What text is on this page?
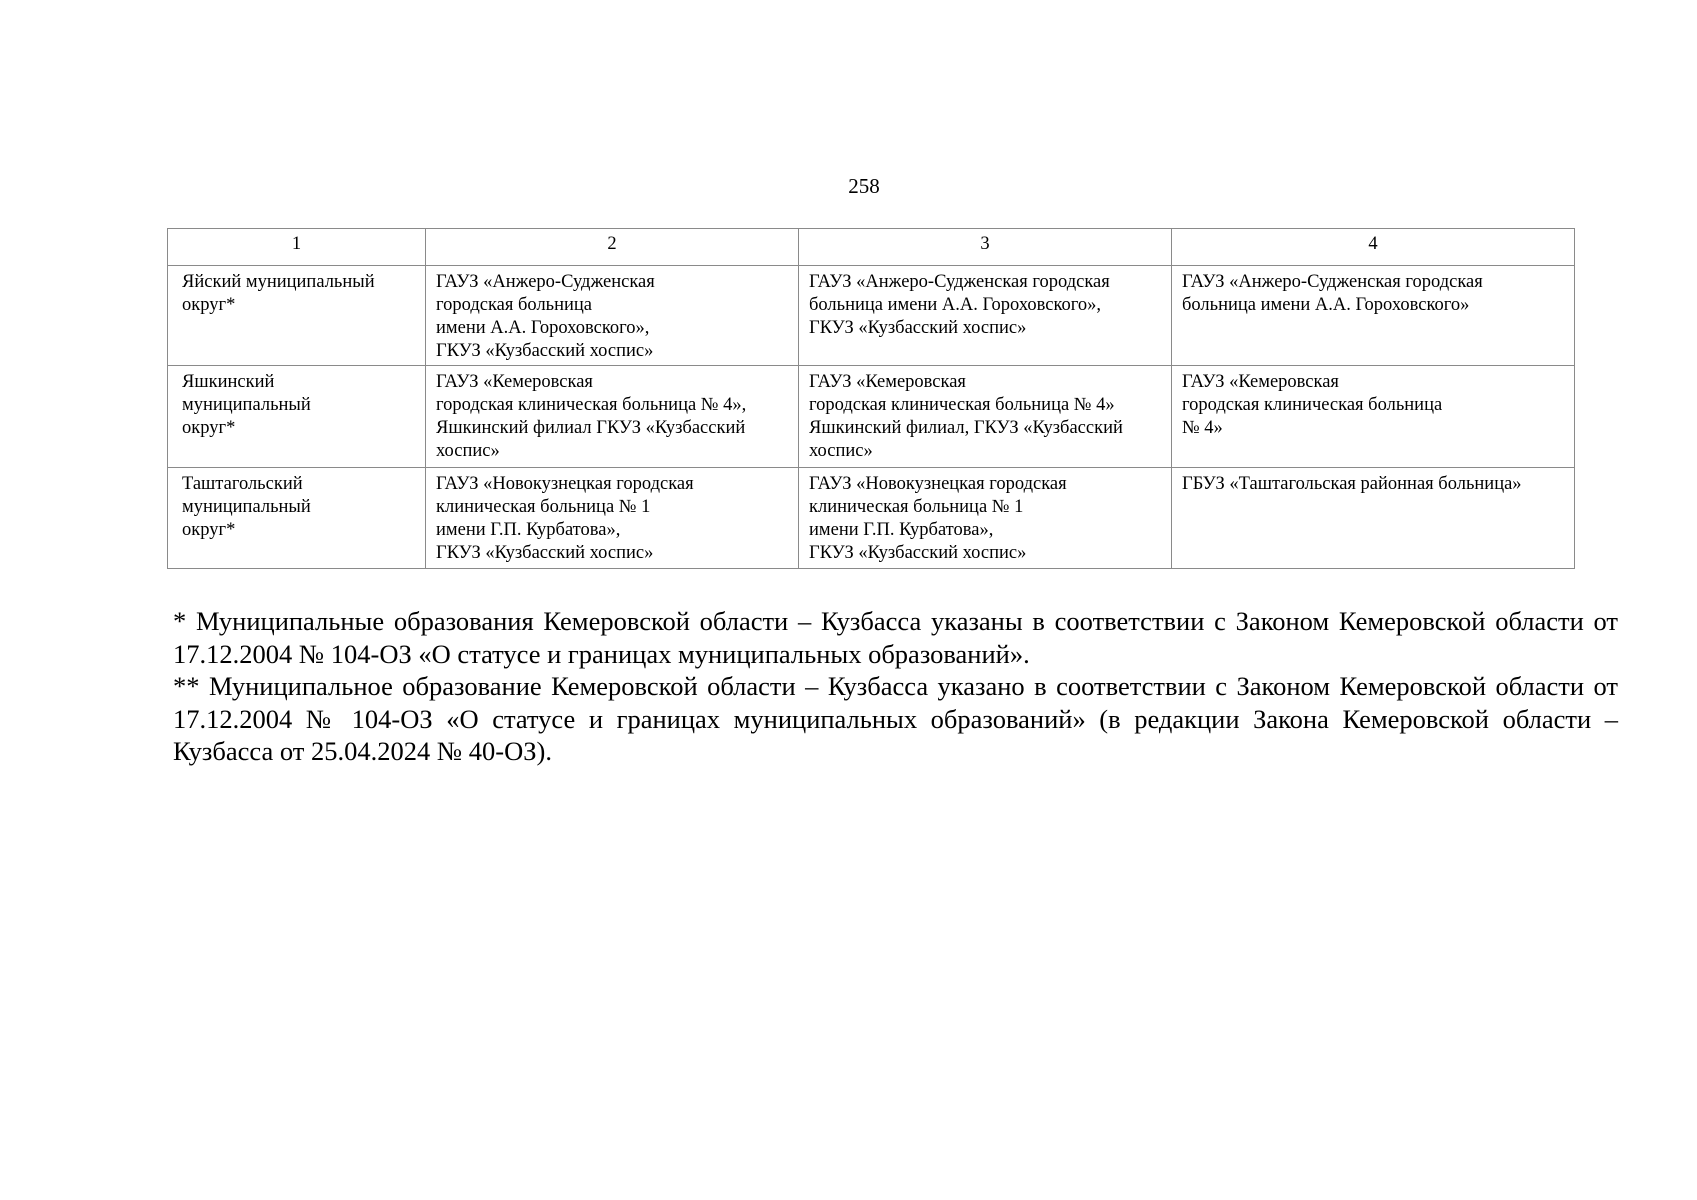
258
1	2	3	4
Яйский муниципальный
округ*	ГАУЗ «Анжеро-Судженская
городская больница
имени А.А. Гороховского»,
ГКУЗ «Кузбасский хоспис»	ГАУЗ «Анжеро-Судженская городская
больница имени А.А. Гороховского»,
ГКУЗ «Кузбасский хоспис»	ГАУЗ «Анжеро-Судженская городская
больница имени А.А. Гороховского»
Яшкинский
муниципальный
округ*	ГАУЗ «Кемеровская
городская клиническая больница № 4»,
Яшкинский филиал ГКУЗ «Кузбасский
хоспис»	ГАУЗ «Кемеровская
городская клиническая больница № 4»
Яшкинский филиал, ГКУЗ «Кузбасский
хоспис»	ГАУЗ «Кемеровская
городская клиническая больница
№ 4»
Таштагольский
муниципальный
округ*	ГАУЗ «Новокузнецкая городская
клиническая больница № 1
имени Г.П. Курбатова»,
ГКУЗ «Кузбасский хоспис»	ГАУЗ «Новокузнецкая городская
клиническая больница № 1
имени Г.П. Курбатова»,
ГКУЗ «Кузбасский хоспис»	ГБУЗ «Таштагольская районная больница»

* Муниципальные образования Кемеровской области – Кузбасса указаны в соответствии с Законом Кемеровской области от 17.12.2004 № 104-ОЗ «О статусе и границах муниципальных образований».

** Муниципальное образование Кемеровской области – Кузбасса указано в соответствии с Законом Кемеровской области от 17.12.2004 № 104-ОЗ «О статусе и границах муниципальных образований» (в редакции Закона Кемеровской области – Кузбасса от 25.04.2024 № 40-ОЗ).
